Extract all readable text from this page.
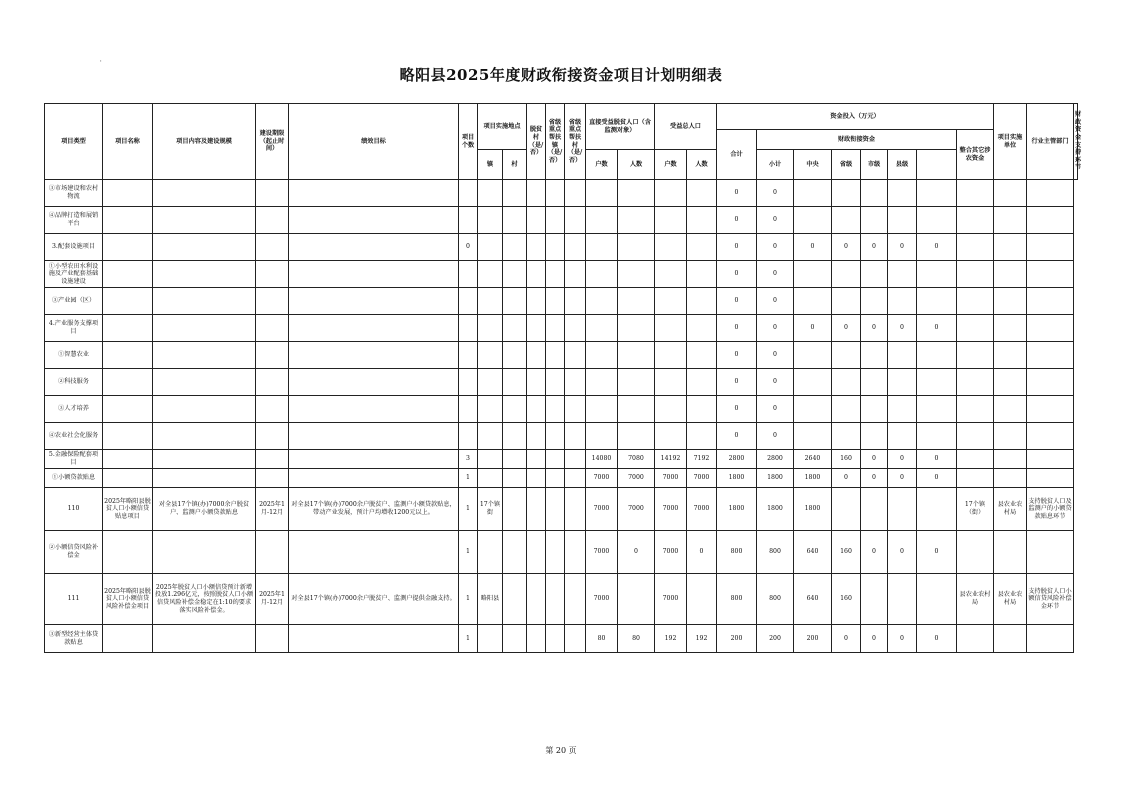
'
略阳县2025年度财政衔接资金项目计划明细表
项目类型	项目名称	项目内容及建设规模	建设期限（起止时间）	绩效目标	项目个数	项目实施地点		脱贫村（是/否）	省级重点帮扶镇（是/否）	省级重点帮扶村（是/否）	直接受益脱贫人口（含监测对象）		受益总人口		资金投入（万元）								项目实施单位	行业主管部门	财政资金支持环节
															合计	财政衔接资金						整合其它涉农资金			
						镇	村				户数	人数	户数	人数		小计	中央	省级	市级	县级					
③市场建设和农村物流															0	0									
④品牌打造和展销平台															0	0									
3.配套设施项目					0										0	0	0	0	0	0	0				
①小型农田水利设施及产业配套基础设施建设															0	0									
③产业园（区）															0	0									
4.产业服务支撑项目															0	0	0	0	0	0	0				
①智慧农业															0	0									
②科技服务															0	0									
③人才培养															0	0									
④农业社会化服务															0	0									
5.金融保险配套项目					3						14080	7080	14192	7192	2800	2800	2640	160	0	0	0				
①小额贷款贴息					1						7000	7000	7000	7000	1800	1800	1800	0	0	0	0				
110	2025年略阳县脱贫人口小额信贷贴息项目	对全县17个镇(办)7000余户脱贫户、监测户小额贷款贴息	2025年1月-12月	对全县17个镇(办)7000余户脱贫户、监测户小额贷款贴息，带动产业发展，预计户均增收1200元以上。	1	17个镇街					7000	7000	7000	7000	1800	1800	1800					17个镇（街）	县农业农村局	支持脱贫人口及监测户的小额贷款贴息环节	
②小额信贷风险补偿金					1						7000	0	7000	0	800	800	640	160	0	0	0				
111	2025年略阳县脱贫人口小额信贷风险补偿金项目	2025年脱贫人口小额信贷预计新增投放1.296亿元，按照脱贫人口小额信贷风险补偿金稳定在1:10的要求落实风险补偿金。	2025年1月-12月	对全县17个镇(办)7000余户脱贫户、监测户提供金融支持。	1	略阳县					7000		7000		800	800	640	160				县农业农村局	县农业农村局	支持脱贫人口小额信贷风险补偿金环节	
③新型经营主体贷款贴息					1						80	80	192	192	200	200	200	0	0	0	0				
第 20 页
